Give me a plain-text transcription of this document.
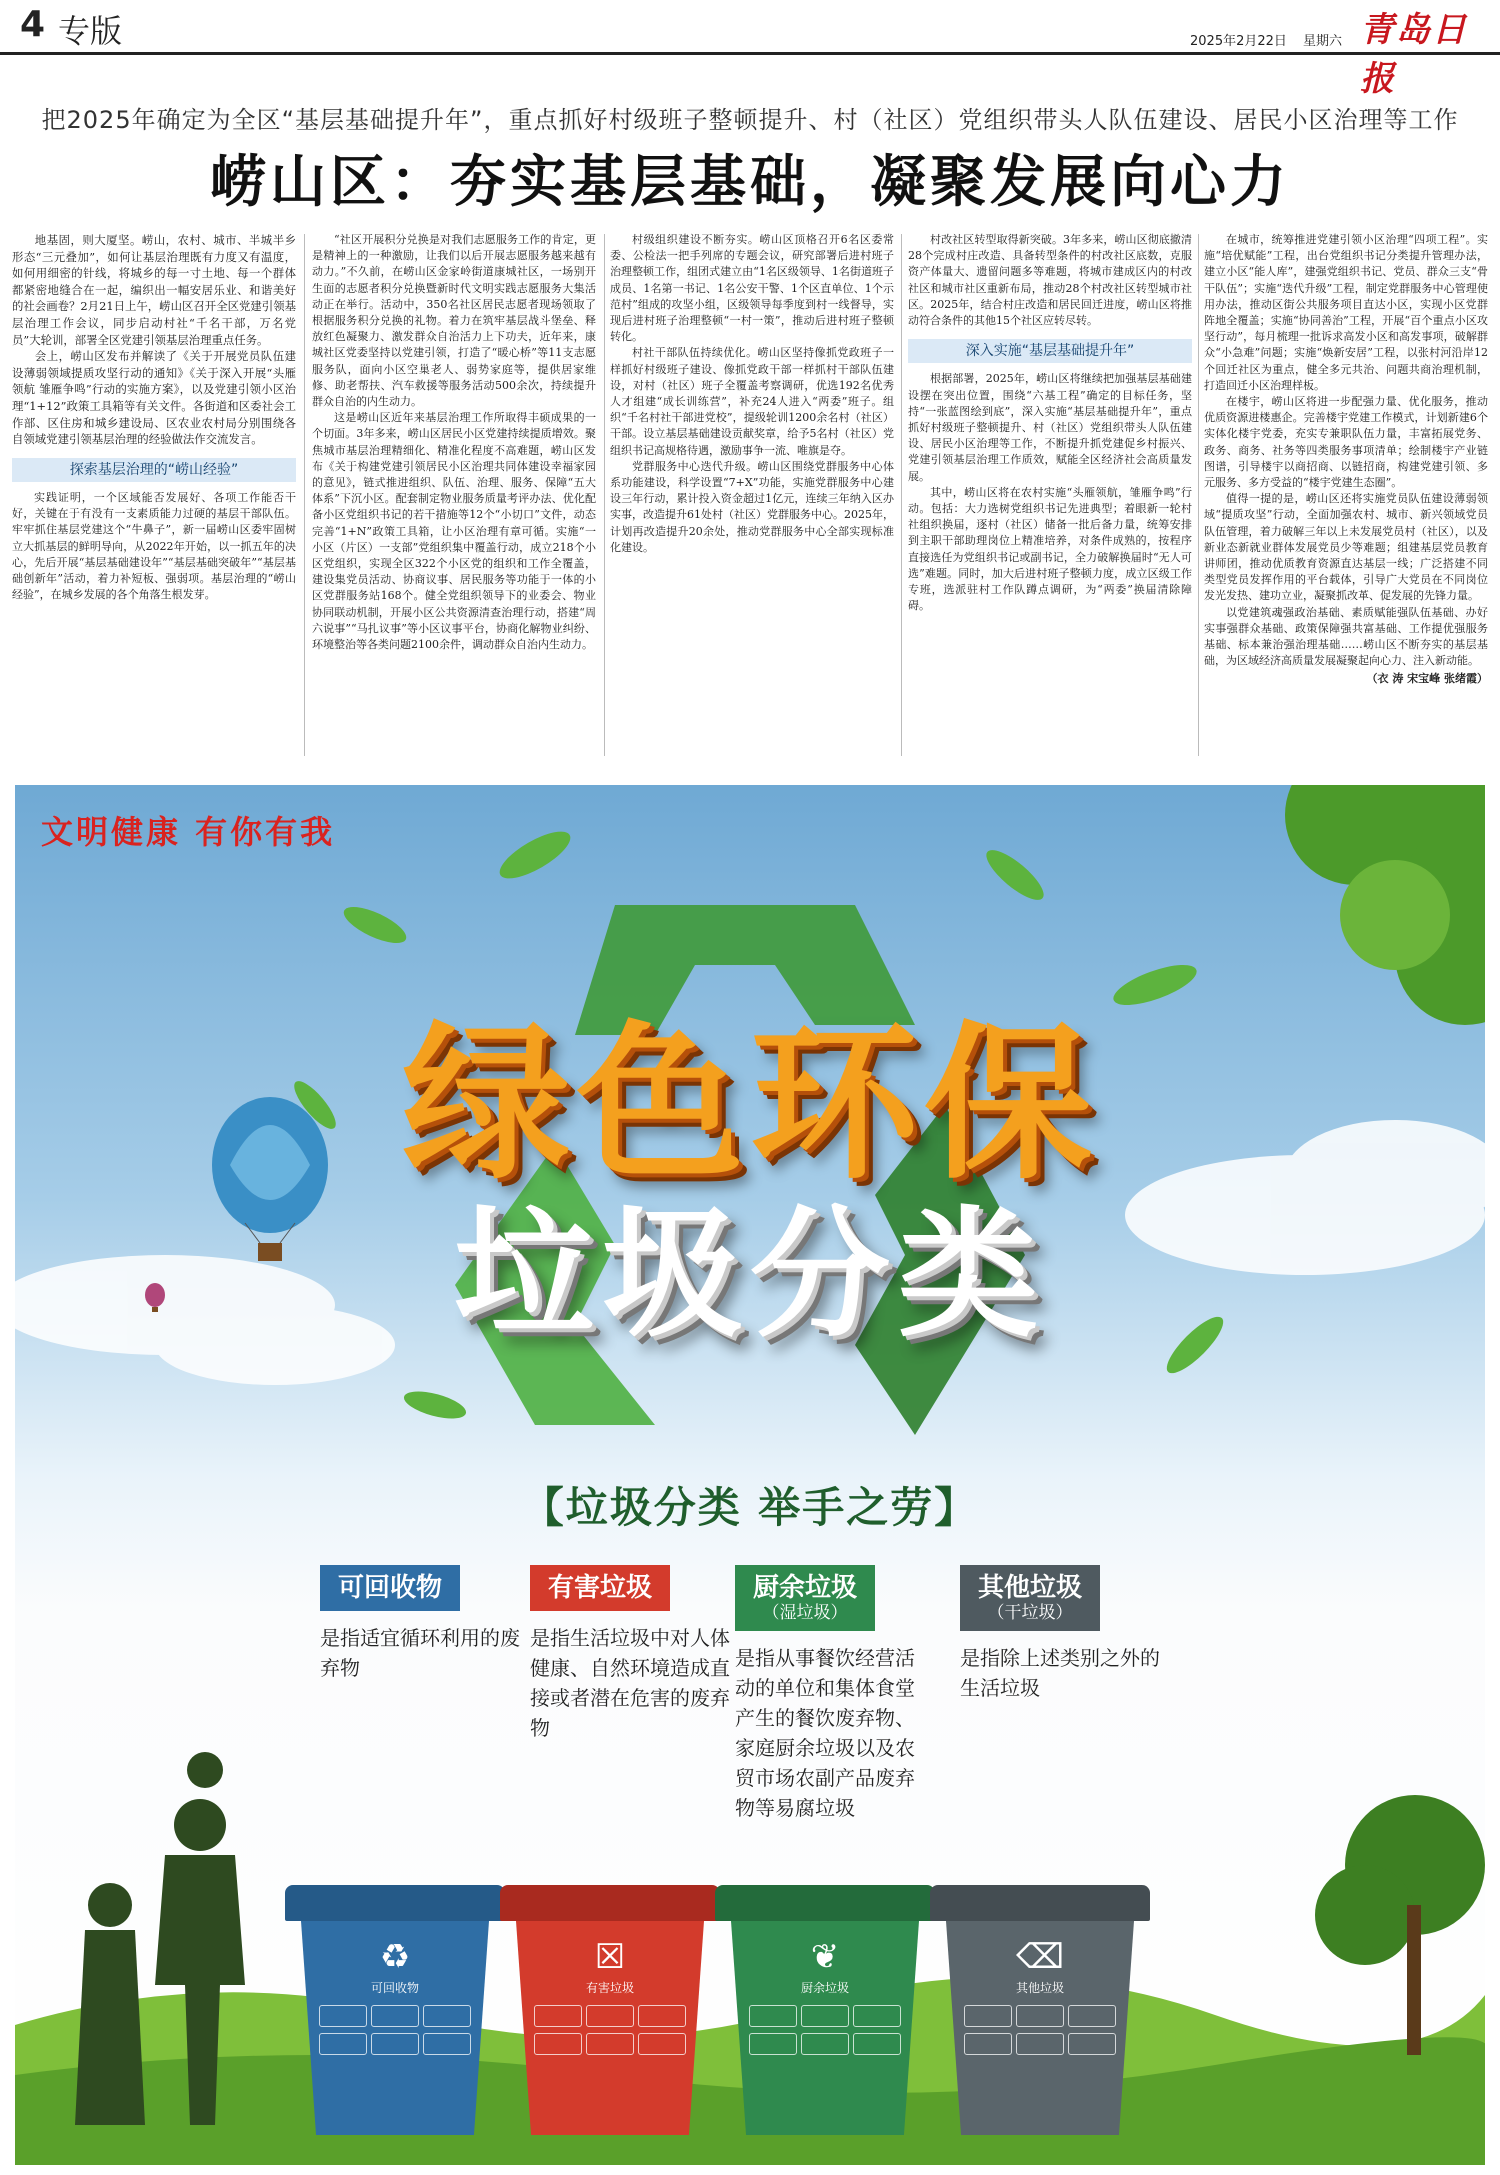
4 专版	2025年2月22日 星期六 青岛日报
把2025年确定为全区“基层基础提升年”，重点抓好村级班子整顿提升、村（社区）党组织带头人队伍建设、居民小区治理等工作
崂山区：夯实基层基础，凝聚发展向心力

地基固，则大厦坚。崂山，农村、城市、半城半乡形态“三元叠加”，如何让基层治理既有力度又有温度，如何用细密的针线，将城乡的每一寸土地、每一个群体都紧密地缝合在一起，编织出一幅安居乐业、和谐美好的社会画卷？2月21日上午，崂山区召开全区党建引领基层治理工作会议，同步启动村社“千名干部，万名党员”大轮训，部署全区党建引领基层治理重点任务。

会上，崂山区发布并解读了《关于开展党员队伍建设薄弱领域提质攻坚行动的通知》《关于深入开展“头雁领航 雏雁争鸣”行动的实施方案》，以及党建引领小区治理“1+12”政策工具箱等有关文件。各街道和区委社会工作部、区住房和城乡建设局、区农业农村局分别围绕各自领域党建引领基层治理的经验做法作交流发言。

探索基层治理的“崂山经验”

实践证明，一个区域能否发展好、各项工作能否干好，关键在于有没有一支素质能力过硬的基层干部队伍。牢牢抓住基层党建这个“牛鼻子”，新一届崂山区委牢固树立大抓基层的鲜明导向，从2022年开始，以一抓五年的决心，先后开展“基层基础建设年”“基层基础突破年”“基层基础创新年”活动，着力补短板、强弱项。基层治理的“崂山经验”，在城乡发展的各个角落生根发芽。

“社区开展积分兑换是对我们志愿服务工作的肯定，更是精神上的一种激励，让我们以后开展志愿服务越来越有动力。”不久前，在崂山区金家岭街道康城社区，一场别开生面的志愿者积分兑换暨新时代文明实践志愿服务大集活动正在举行。活动中，350名社区居民志愿者现场领取了根据服务积分兑换的礼物。着力在筑牢基层战斗堡垒、释放红色凝聚力、激发群众自治活力上下功夫，近年来，康城社区党委坚持以党建引领，打造了“暖心桥”等11支志愿服务队，面向小区空巢老人、弱势家庭等，提供居家维修、助老帮扶、汽车救援等服务活动500余次，持续提升群众自治的内生动力。

这是崂山区近年来基层治理工作所取得丰硕成果的一个切面。3年多来，崂山区居民小区党建持续提质增效。聚焦城市基层治理精细化、精准化程度不高难题，崂山区发布《关于构建党建引领居民小区治理共同体建设幸福家园的意见》，链式推进组织、队伍、治理、服务、保障“五大体系”下沉小区。配套制定物业服务质量考评办法、优化配备小区党组织书记的若干措施等12个“小切口”文件，动态完善“1+N”政策工具箱，让小区治理有章可循。实施“一小区（片区）一支部”党组织集中覆盖行动，成立218个小区党组织，实现全区322个小区党的组织和工作全覆盖，建设集党员活动、协商议事、居民服务等功能于一体的小区党群服务站168个。健全党组织领导下的业委会、物业协同联动机制，开展小区公共资源清查治理行动，搭建“周六说事”“马扎议事”等小区议事平台，协商化解物业纠纷、环境整治等各类问题2100余件，调动群众自治内生动力。

村级组织建设不断夯实。崂山区顶格召开6名区委常委、公检法一把手列席的专题会议，研究部署后进村班子治理整顿工作，组团式建立由“1名区级领导、1名街道班子成员、1名第一书记、1名公安干警、1个区直单位、1个示范村”组成的攻坚小组，区级领导每季度到村一线督导，实现后进村班子治理整顿“一村一策”，推动后进村班子整顿转化。

村社干部队伍持续优化。崂山区坚持像抓党政班子一样抓好村级班子建设、像抓党政干部一样抓村干部队伍建设，对村（社区）班子全覆盖考察调研，优选192名优秀人才组建“成长训练营”，补充24人进入“两委”班子。组织“千名村社干部进党校”，提级轮训1200余名村（社区）干部。设立基层基础建设贡献奖章，给予5名村（社区）党组织书记高规格待遇，激励事争一流、唯旗是夺。

党群服务中心迭代升级。崂山区围绕党群服务中心体系功能建设，科学设置“7+X”功能，实施党群服务中心建设三年行动，累计投入资金超过1亿元，连续三年纳入区办实事，改造提升61处村（社区）党群服务中心。2025年，计划再改造提升20余处，推动党群服务中心全部实现标准化建设。

村改社区转型取得新突破。3年多来，崂山区彻底撤清28个完成村庄改造、具备转型条件的村改社区底数，克服资产体量大、遗留问题多等难题，将城市建成区内的村改社区和城市社区重新布局，推动28个村改社区转型城市社区。2025年，结合村庄改造和居民回迁进度，崂山区将推动符合条件的其他15个社区应转尽转。

深入实施“基层基础提升年”

根据部署，2025年，崂山区将继续把加强基层基础建设摆在突出位置，围绕“六基工程”确定的目标任务，坚持“一张蓝图绘到底”，深入实施“基层基础提升年”，重点抓好村级班子整顿提升、村（社区）党组织带头人队伍建设、居民小区治理等工作，不断提升抓党建促乡村振兴、党建引领基层治理工作质效，赋能全区经济社会高质量发展。

其中，崂山区将在农村实施“头雁领航，雏雁争鸣”行动。包括：大力选树党组织书记先进典型；着眼新一轮村社组织换届，逐村（社区）储备一批后备力量，统筹安排到主职干部助理岗位上精准培养，对条件成熟的，按程序直接选任为党组织书记或副书记，全力破解换届时“无人可选”难题。同时，加大后进村班子整顿力度，成立区级工作专班，选派驻村工作队蹲点调研，为“两委”换届清除障碍。

在城市，统筹推进党建引领小区治理“四项工程”。实施“培优赋能”工程，出台党组织书记分类提升管理办法，建立小区“能人库”，建强党组织书记、党员、群众三支“骨干队伍”；实施“迭代升级”工程，制定党群服务中心管理使用办法，推动区街公共服务项目直达小区，实现小区党群阵地全覆盖；实施“协同善治”工程，开展“百个重点小区攻坚行动”，每月梳理一批诉求高发小区和高发事项，破解群众“小急难”问题；实施“焕新安居”工程，以张村河沿岸12个回迁社区为重点，健全多元共治、问题共商治理机制，打造回迁小区治理样板。

在楼宇，崂山区将进一步配强力量、优化服务，推动优质资源进楼惠企。完善楼宇党建工作模式，计划新建6个实体化楼宇党委，充实专兼职队伍力量，丰富拓展党务、政务、商务、社务等四类服务事项清单；绘制楼宇产业链图谱，引导楼宇以商招商、以链招商，构建党建引领、多元服务、多方受益的“楼宇党建生态圈”。

值得一提的是，崂山区还将实施党员队伍建设薄弱领域“提质攻坚”行动，全面加强农村、城市、新兴领域党员队伍管理，着力破解三年以上未发展党员村（社区），以及新业态新就业群体发展党员少等难题；组建基层党员教育讲师团，推动优质教育资源直达基层一线；广泛搭建不同类型党员发挥作用的平台载体，引导广大党员在不同岗位发光发热、建功立业，凝聚抓改革、促发展的先锋力量。

以党建筑魂强政治基础、素质赋能强队伍基础、办好实事强群众基础、政策保障强共富基础、工作提优强服务基础、标本兼治强治理基础……崂山区不断夯实的基层基础，为区域经济高质量发展凝聚起向心力、注入新动能。

（衣 涛 宋宝峰 张绪霞）

文明健康 有你有我
绿色环保
垃圾分类
【垃圾分类 举手之劳】
可回收物
是指适宜循环利用的废弃物
有害垃圾
是指生活垃圾中对人体健康、自然环境造成直接或者潜在危害的废弃物
厨余垃圾
（湿垃圾）
是指从事餐饮经营活动的单位和集体食堂产生的餐饮废弃物、家庭厨余垃圾以及农贸市场农副产品废弃物等易腐垃圾
其他垃圾
（干垃圾）
是指除上述类别之外的生活垃圾
♻
可回收物
☒
有害垃圾
❦
厨余垃圾
⌫
其他垃圾
